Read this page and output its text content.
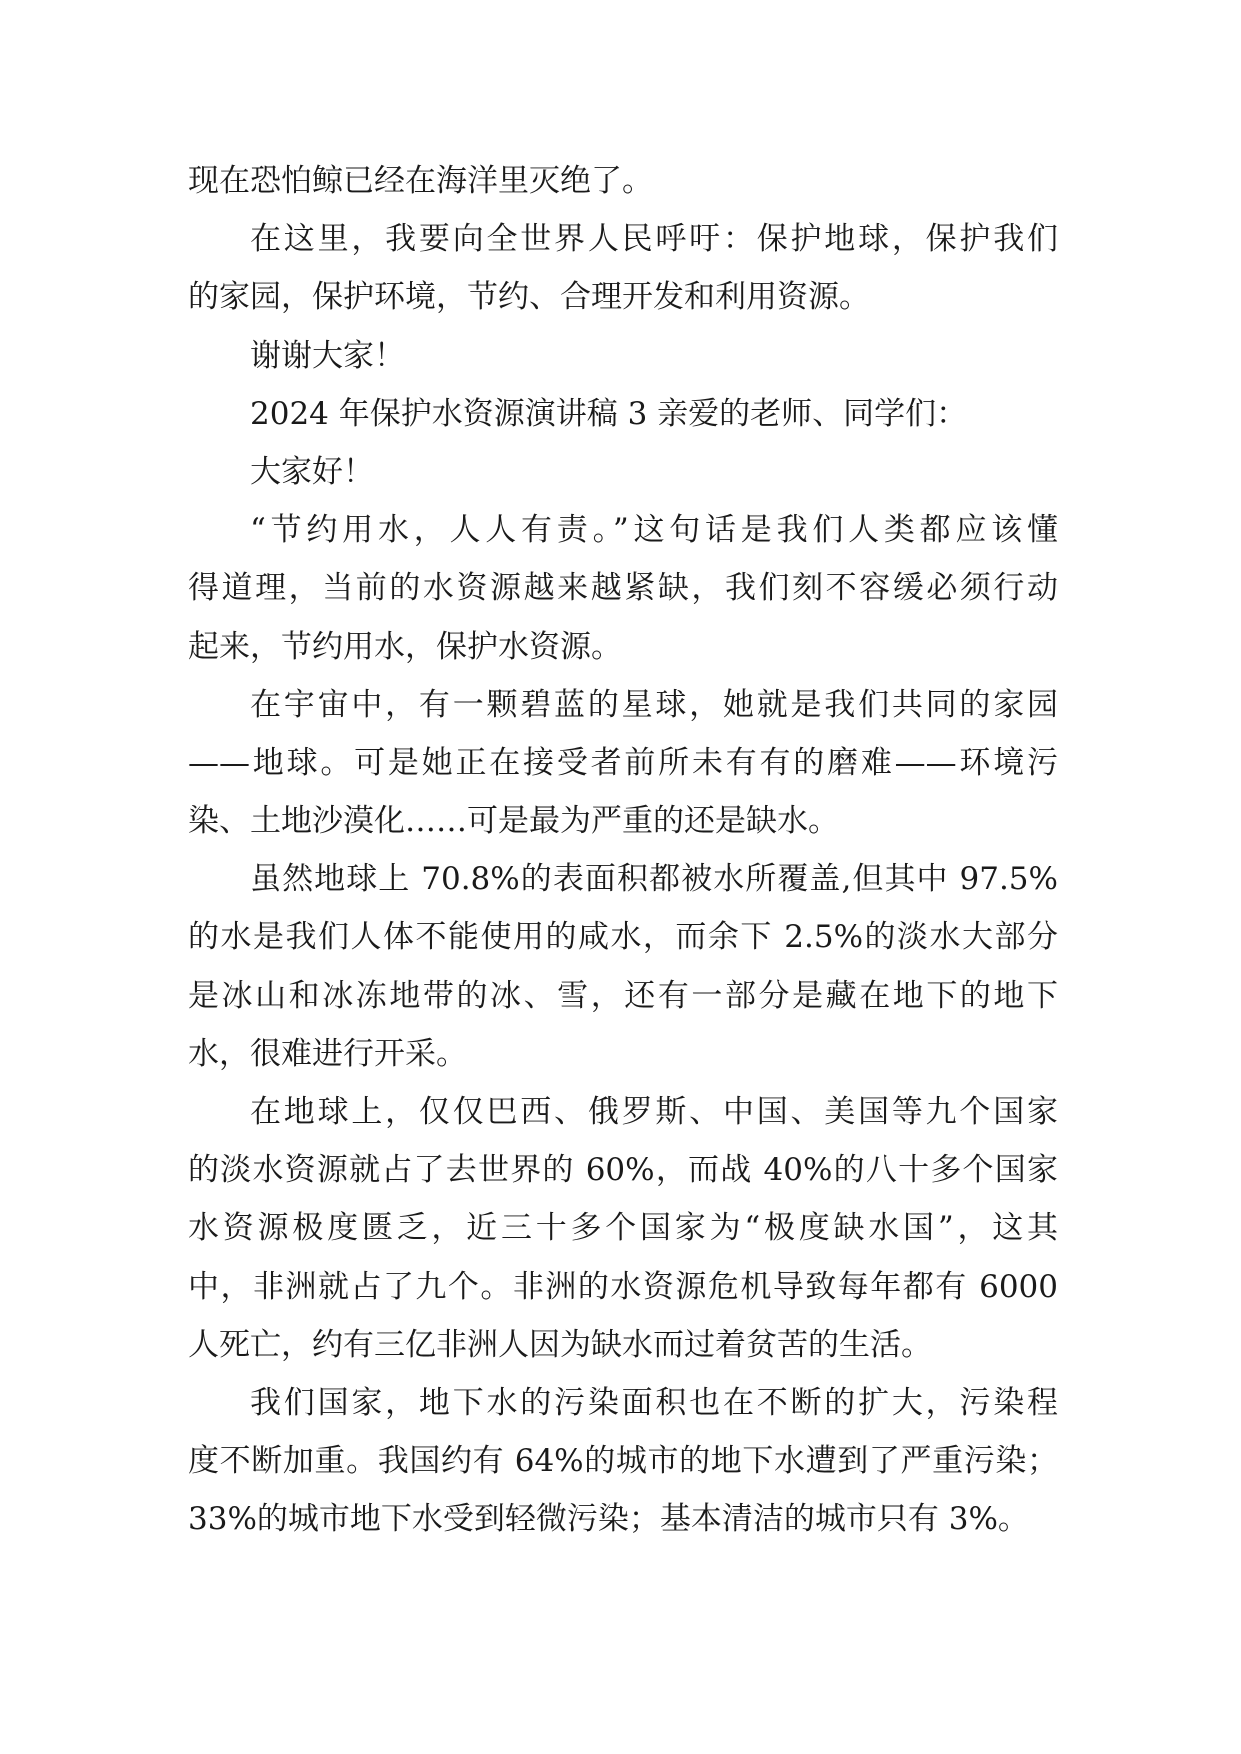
现在恐怕鲸已经在海洋里灭绝了。
在这里，我要向全世界人民呼吁：保护地球，保护我们
的家园，保护环境，节约、合理开发和利用资源。
谢谢大家！
2024 年保护水资源演讲稿 3 亲爱的老师、同学们：
大家好！
“节约用水，人人有责。”这句话是我们人类都应该懂
得道理，当前的水资源越来越紧缺，我们刻不容缓必须行动
起来，节约用水，保护水资源。
在宇宙中，有一颗碧蓝的星球，她就是我们共同的家园
——地球。可是她正在接受者前所未有有的磨难——环境污
染、土地沙漠化……可是最为严重的还是缺水。
虽然地球上 70.8%的表面积都被水所覆盖,但其中 97.5%
的水是我们人体不能使用的咸水，而余下 2.5%的淡水大部分
是冰山和冰冻地带的冰、雪，还有一部分是藏在地下的地下
水，很难进行开采。
在地球上，仅仅巴西、俄罗斯、中国、美国等九个国家
的淡水资源就占了去世界的 60%，而战 40%的八十多个国家
水资源极度匮乏，近三十多个国家为“极度缺水国”，这其
中，非洲就占了九个。非洲的水资源危机导致每年都有 6000
人死亡，约有三亿非洲人因为缺水而过着贫苦的生活。
我们国家，地下水的污染面积也在不断的扩大，污染程
度不断加重。我国约有 64%的城市的地下水遭到了严重污染；
33%的城市地下水受到轻微污染；基本清洁的城市只有 3%。
